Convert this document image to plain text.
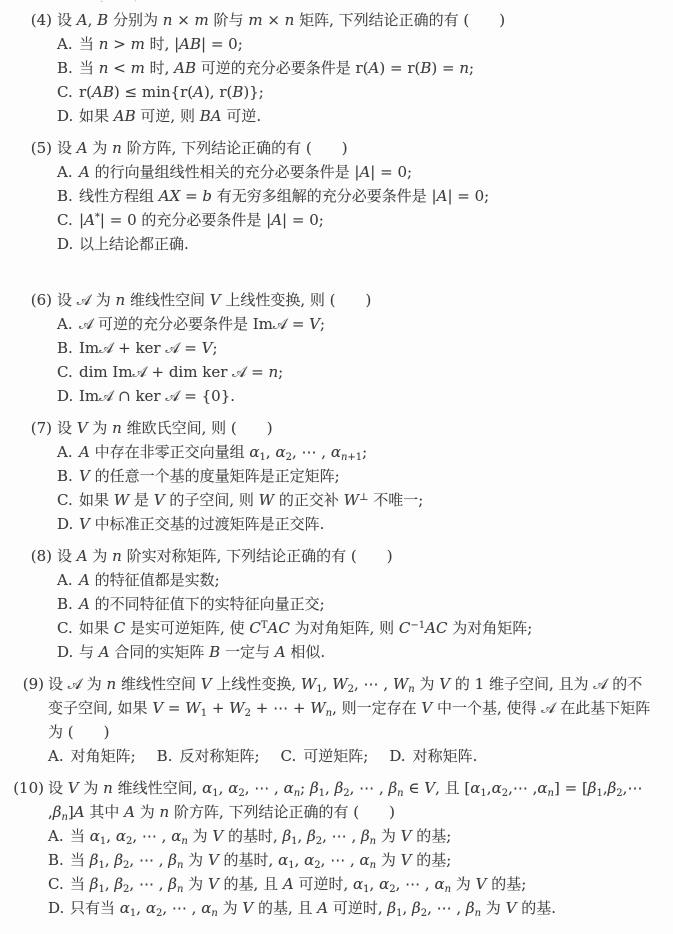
- ·
(4) 设 A, B 分别为 n × m 阶与 m × n 矩阵, 下列结论正确的有 (　　)
A. 当 n > m 时, |AB| = 0;
B. 当 n < m 时, AB 可逆的充分必要条件是 r(A) = r(B) = n;
C. r(AB) ≤ min{r(A), r(B)};
D. 如果 AB 可逆, 则 BA 可逆.
(5) 设 A 为 n 阶方阵, 下列结论正确的有 (　　)
A. A 的行向量组线性相关的充分必要条件是 |A| = 0;
B. 线性方程组 AX = b 有无穷多组解的充分必要条件是 |A| = 0;
C. |A*| = 0 的充分必要条件是 |A| = 0;
D. 以上结论都正确.
(6) 设 𝒜 为 n 维线性空间 V 上线性变换, 则 (　　)
A. 𝒜 可逆的充分必要条件是 Im𝒜 = V;
B. Im𝒜 + ker 𝒜 = V;
C. dim Im𝒜 + dim ker 𝒜 = n;
D. Im𝒜 ∩ ker 𝒜 = {0}.
(7) 设 V 为 n 维欧氏空间, 则 (　　)
A. A 中存在非零正交向量组 $\alpha_1$, $\alpha_2$, ⋯ , $\alpha_{n+1}$;
B. V 的任意一个基的度量矩阵是正定矩阵;
C. 如果 W 是 V 的子空间, 则 W 的正交补 W⊥ 不唯一;
D. V 中标准正交基的过渡矩阵是正交阵.
(8) 设 A 为 n 阶实对称矩阵, 下列结论正确的有 (　　)
A. A 的特征值都是实数;
B. A 的不同特征值下的实特征向量正交;
C. 如果 C 是实可逆矩阵, 使 $C^TAC$ 为对角矩阵, 则 $C^{-1}AC$ 为对角矩阵;
D. 与 A 合同的实矩阵 B 一定与 A 相似.
(9) 设 𝒜 为 n 维线性空间 V 上线性变换, $W_1$, $W_2$, ⋯ , $W_n$ 为 V 的 1 维子空间, 且为 𝒜 的不变子空间, 如果 $V = W_1 + W_2$ + ⋯ + $W_n$, 则一定存在 V 中一个基, 使得 𝒜 在此基下矩阵为 (　　)
A. 对角矩阵; B. 反对称矩阵; C. 可逆矩阵; D. 对称矩阵.
(10) 设 V 为 n 维线性空间, $\alpha_1$, $\alpha_2$, ⋯ , $\alpha_n$; $\beta_1$, $\beta_2$, ⋯ , $\beta_n$ ∈ V, 且 [$\alpha_1,\alpha_2,\cdots$ $,\alpha_n$] = [$\beta_1,\beta_2,\cdots$ $,\beta_n]A$ 其中 A 为 n 阶方阵, 下列结论正确的有 (　　)
A. 当 $\alpha_1$, $\alpha_2$, ⋯ , $\alpha_n$ 为 V 的基时, $\beta_1$, $\beta_2$, ⋯ , $\beta_n$ 为 V 的基;
B. 当 $\beta_1$, $\beta_2$, ⋯ , $\beta_n$ 为 V 的基时, $\alpha_1$, $\alpha_2$, ⋯ , $\alpha_n$ 为 V 的基;
C. 当 $\beta_1$, $\beta_2$, ⋯ , $\beta_n$ 为 V 的基, 且 A 可逆时, $\alpha_1$, $\alpha_2$, ⋯ , $\alpha_n$ 为 V 的基;
D. 只有当 $\alpha_1$, $\alpha_2$, ⋯ , $\alpha_n$ 为 V 的基, 且 A 可逆时, $\beta_1$, $\beta_2$, ⋯ , $\beta_n$ 为 V 的基.
